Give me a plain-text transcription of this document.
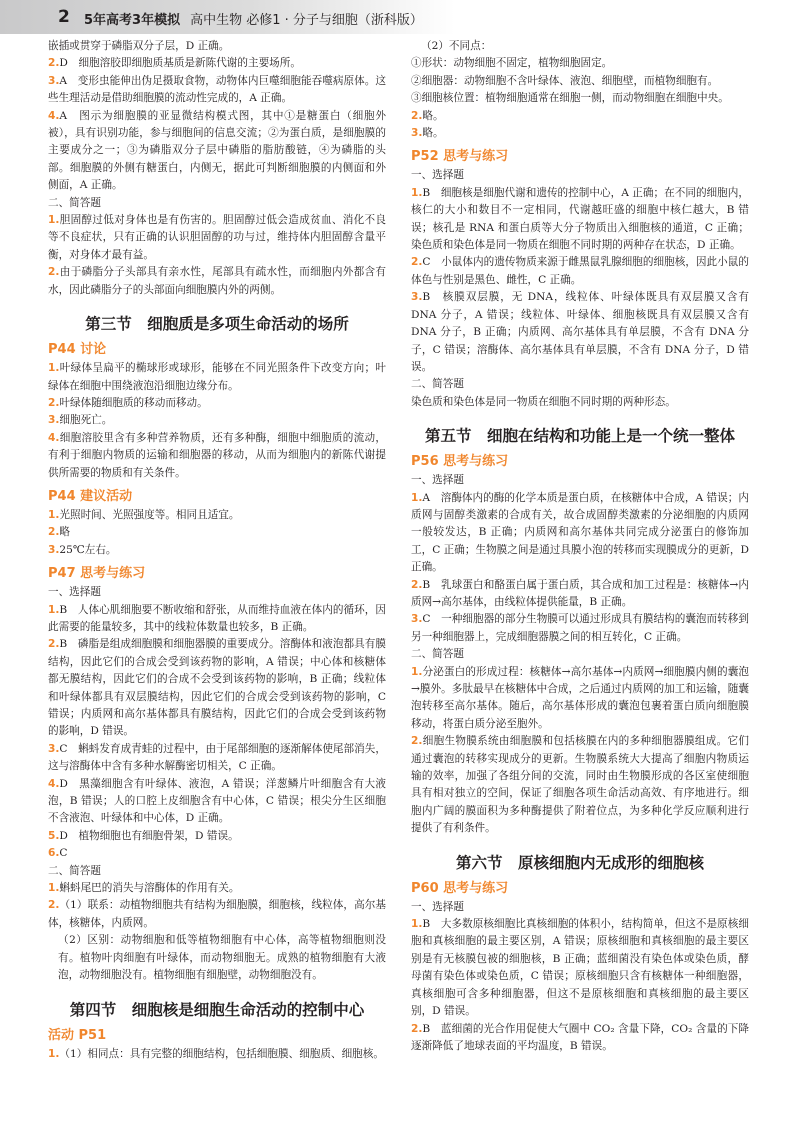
2 5年高考3年模拟 高中生物 必修1 · 分子与细胞（浙科版）

嵌插或贯穿于磷脂双分子层，D 正确。

2.D　细胞溶胶即细胞质基质是新陈代谢的主要场所。

3.A　变形虫能伸出伪足摄取食物，动物体内巨噬细胞能吞噬病原体。这些生理活动是借助细胞膜的流动性完成的，A 正确。

4.A　图示为细胞膜的亚显微结构模式图，其中①是糖蛋白（细胞外被），具有识别功能，参与细胞间的信息交流；②为蛋白质，是细胞膜的主要成分之一；③为磷脂双分子层中磷脂的脂肪酸链，④为磷脂的头部。细胞膜的外侧有糖蛋白，内侧无，据此可判断细胞膜的内侧面和外侧面，A 正确。

二、简答题

1.胆固醇过低对身体也是有伤害的。胆固醇过低会造成贫血、消化不良等不良症状，只有正确的认识胆固醇的功与过，维持体内胆固醇含量平衡，对身体才最有益。

2.由于磷脂分子头部具有亲水性，尾部具有疏水性，而细胞内外都含有水，因此磷脂分子的头部面向细胞膜内外的两侧。

第三节　细胞质是多项生命活动的场所
P44 讨论

1.叶绿体呈扁平的椭球形或球形，能够在不同光照条件下改变方向；叶绿体在细胞中围绕液泡沿细胞边缘分布。

2.叶绿体随细胞质的移动而移动。

3.细胞死亡。

4.细胞溶胶里含有多种营养物质，还有多种酶，细胞中细胞质的流动，有利于细胞内物质的运输和细胞器的移动，从而为细胞内的新陈代谢提供所需要的物质和有关条件。

P44 建议活动

1.光照时间、光照强度等。相同且适宜。

2.略

3.25℃左右。

P47 思考与练习

一、选择题

1.B　人体心肌细胞要不断收缩和舒张，从而维持血液在体内的循环，因此需要的能量较多，其中的线粒体数量也较多，B 正确。

2.B　磷脂是组成细胞膜和细胞器膜的重要成分。溶酶体和液泡都具有膜结构，因此它们的合成会受到该药物的影响，A 错误；中心体和核糖体都无膜结构，因此它们的合成不会受到该药物的影响，B 正确；线粒体和叶绿体都具有双层膜结构，因此它们的合成会受到该药物的影响，C 错误；内质网和高尔基体都具有膜结构，因此它们的合成会受到该药物的影响，D 错误。

3.C　蝌蚪发育成青蛙的过程中，由于尾部细胞的逐渐解体使尾部消失，这与溶酶体中含有多种水解酶密切相关，C 正确。

4.D　黑藻细胞含有叶绿体、液泡，A 错误；洋葱鳞片叶细胞含有大液泡，B 错误；人的口腔上皮细胞含有中心体，C 错误；根尖分生区细胞不含液泡、叶绿体和中心体，D 正确。

5.D　植物细胞也有细胞骨架，D 错误。

6.C

二、简答题

1.蝌蚪尾巴的消失与溶酶体的作用有关。

2.（1）联系：动植物细胞共有结构为细胞膜，细胞核，线粒体，高尔基体，核糖体，内质网。

（2）区别：动物细胞和低等植物细胞有中心体，高等植物细胞则没有。植物叶肉细胞有叶绿体，而动物细胞无。成熟的植物细胞有大液泡，动物细胞没有。植物细胞有细胞壁，动物细胞没有。

第四节　细胞核是细胞生命活动的控制中心
活动 P51

1.（1）相同点：具有完整的细胞结构，包括细胞膜、细胞质、细胞核。

（2）不同点：

①形状：动物细胞不固定，植物细胞固定。

②细胞器：动物细胞不含叶绿体、液泡、细胞壁，而植物细胞有。

③细胞核位置：植物细胞通常在细胞一侧，而动物细胞在细胞中央。

2.略。

3.略。

P52 思考与练习

一、选择题

1.B　细胞核是细胞代谢和遗传的控制中心，A 正确；在不同的细胞内，核仁的大小和数目不一定相同，代谢越旺盛的细胞中核仁越大，B 错误；核孔是 RNA 和蛋白质等大分子物质出入细胞核的通道，C 正确；染色质和染色体是同一物质在细胞不同时期的两种存在状态，D 正确。

2.C　小鼠体内的遗传物质来源于雌黑鼠乳腺细胞的细胞核，因此小鼠的体色与性别是黑色、雌性，C 正确。

3.B　核膜双层膜，无 DNA，线粒体、叶绿体既具有双层膜又含有 DNA 分子，A 错误；线粒体、叶绿体、细胞核既具有双层膜又含有 DNA 分子，B 正确；内质网、高尔基体具有单层膜，不含有 DNA 分子，C 错误；溶酶体、高尔基体具有单层膜，不含有 DNA 分子，D 错误。

二、简答题

染色质和染色体是同一物质在细胞不同时期的两种形态。

第五节　细胞在结构和功能上是一个统一整体
P56 思考与练习

一、选择题

1.A　溶酶体内的酶的化学本质是蛋白质，在核糖体中合成，A 错误；内质网与固醇类激素的合成有关，故合成固醇类激素的分泌细胞的内质网一般较发达，B 正确；内质网和高尔基体共同完成分泌蛋白的修饰加工，C 正确；生物膜之间是通过具膜小泡的转移而实现膜成分的更新，D 正确。

2.B　乳球蛋白和酪蛋白属于蛋白质，其合成和加工过程是：核糖体→内质网→高尔基体，由线粒体提供能量，B 正确。

3.C　一种细胞器的部分生物膜可以通过形成具有膜结构的囊泡而转移到另一种细胞器上，完成细胞器膜之间的相互转化，C 正确。

二、简答题

1.分泌蛋白的形成过程：核糖体→高尔基体→内质网→细胞膜内侧的囊泡→膜外。多肽最早在核糖体中合成，之后通过内质网的加工和运输，随囊泡转移至高尔基体。随后，高尔基体形成的囊泡包裹着蛋白质向细胞膜移动，将蛋白质分泌至胞外。

2.细胞生物膜系统由细胞膜和包括核膜在内的多种细胞器膜组成。它们通过囊泡的转移实现成分的更新。生物膜系统大大提高了细胞内物质运输的效率，加强了各组分间的交流，同时由生物膜形成的各区室使细胞具有相对独立的空间，保证了细胞各项生命活动高效、有序地进行。细胞内广阔的膜面积为多种酶提供了附着位点，为多种化学反应顺利进行提供了有利条件。

第六节　原核细胞内无成形的细胞核
P60 思考与练习

一、选择题

1.B　大多数原核细胞比真核细胞的体积小，结构简单，但这不是原核细胞和真核细胞的最主要区别，A 错误；原核细胞和真核细胞的最主要区别是有无核膜包被的细胞核，B 正确；蓝细菌没有染色体或染色质，酵母菌有染色体或染色质，C 错误；原核细胞只含有核糖体一种细胞器，真核细胞可含多种细胞器，但这不是原核细胞和真核细胞的最主要区别，D 错误。

2.B　蓝细菌的光合作用促使大气圈中 CO₂ 含量下降，CO₂ 含量的下降逐渐降低了地球表面的平均温度，B 错误。
